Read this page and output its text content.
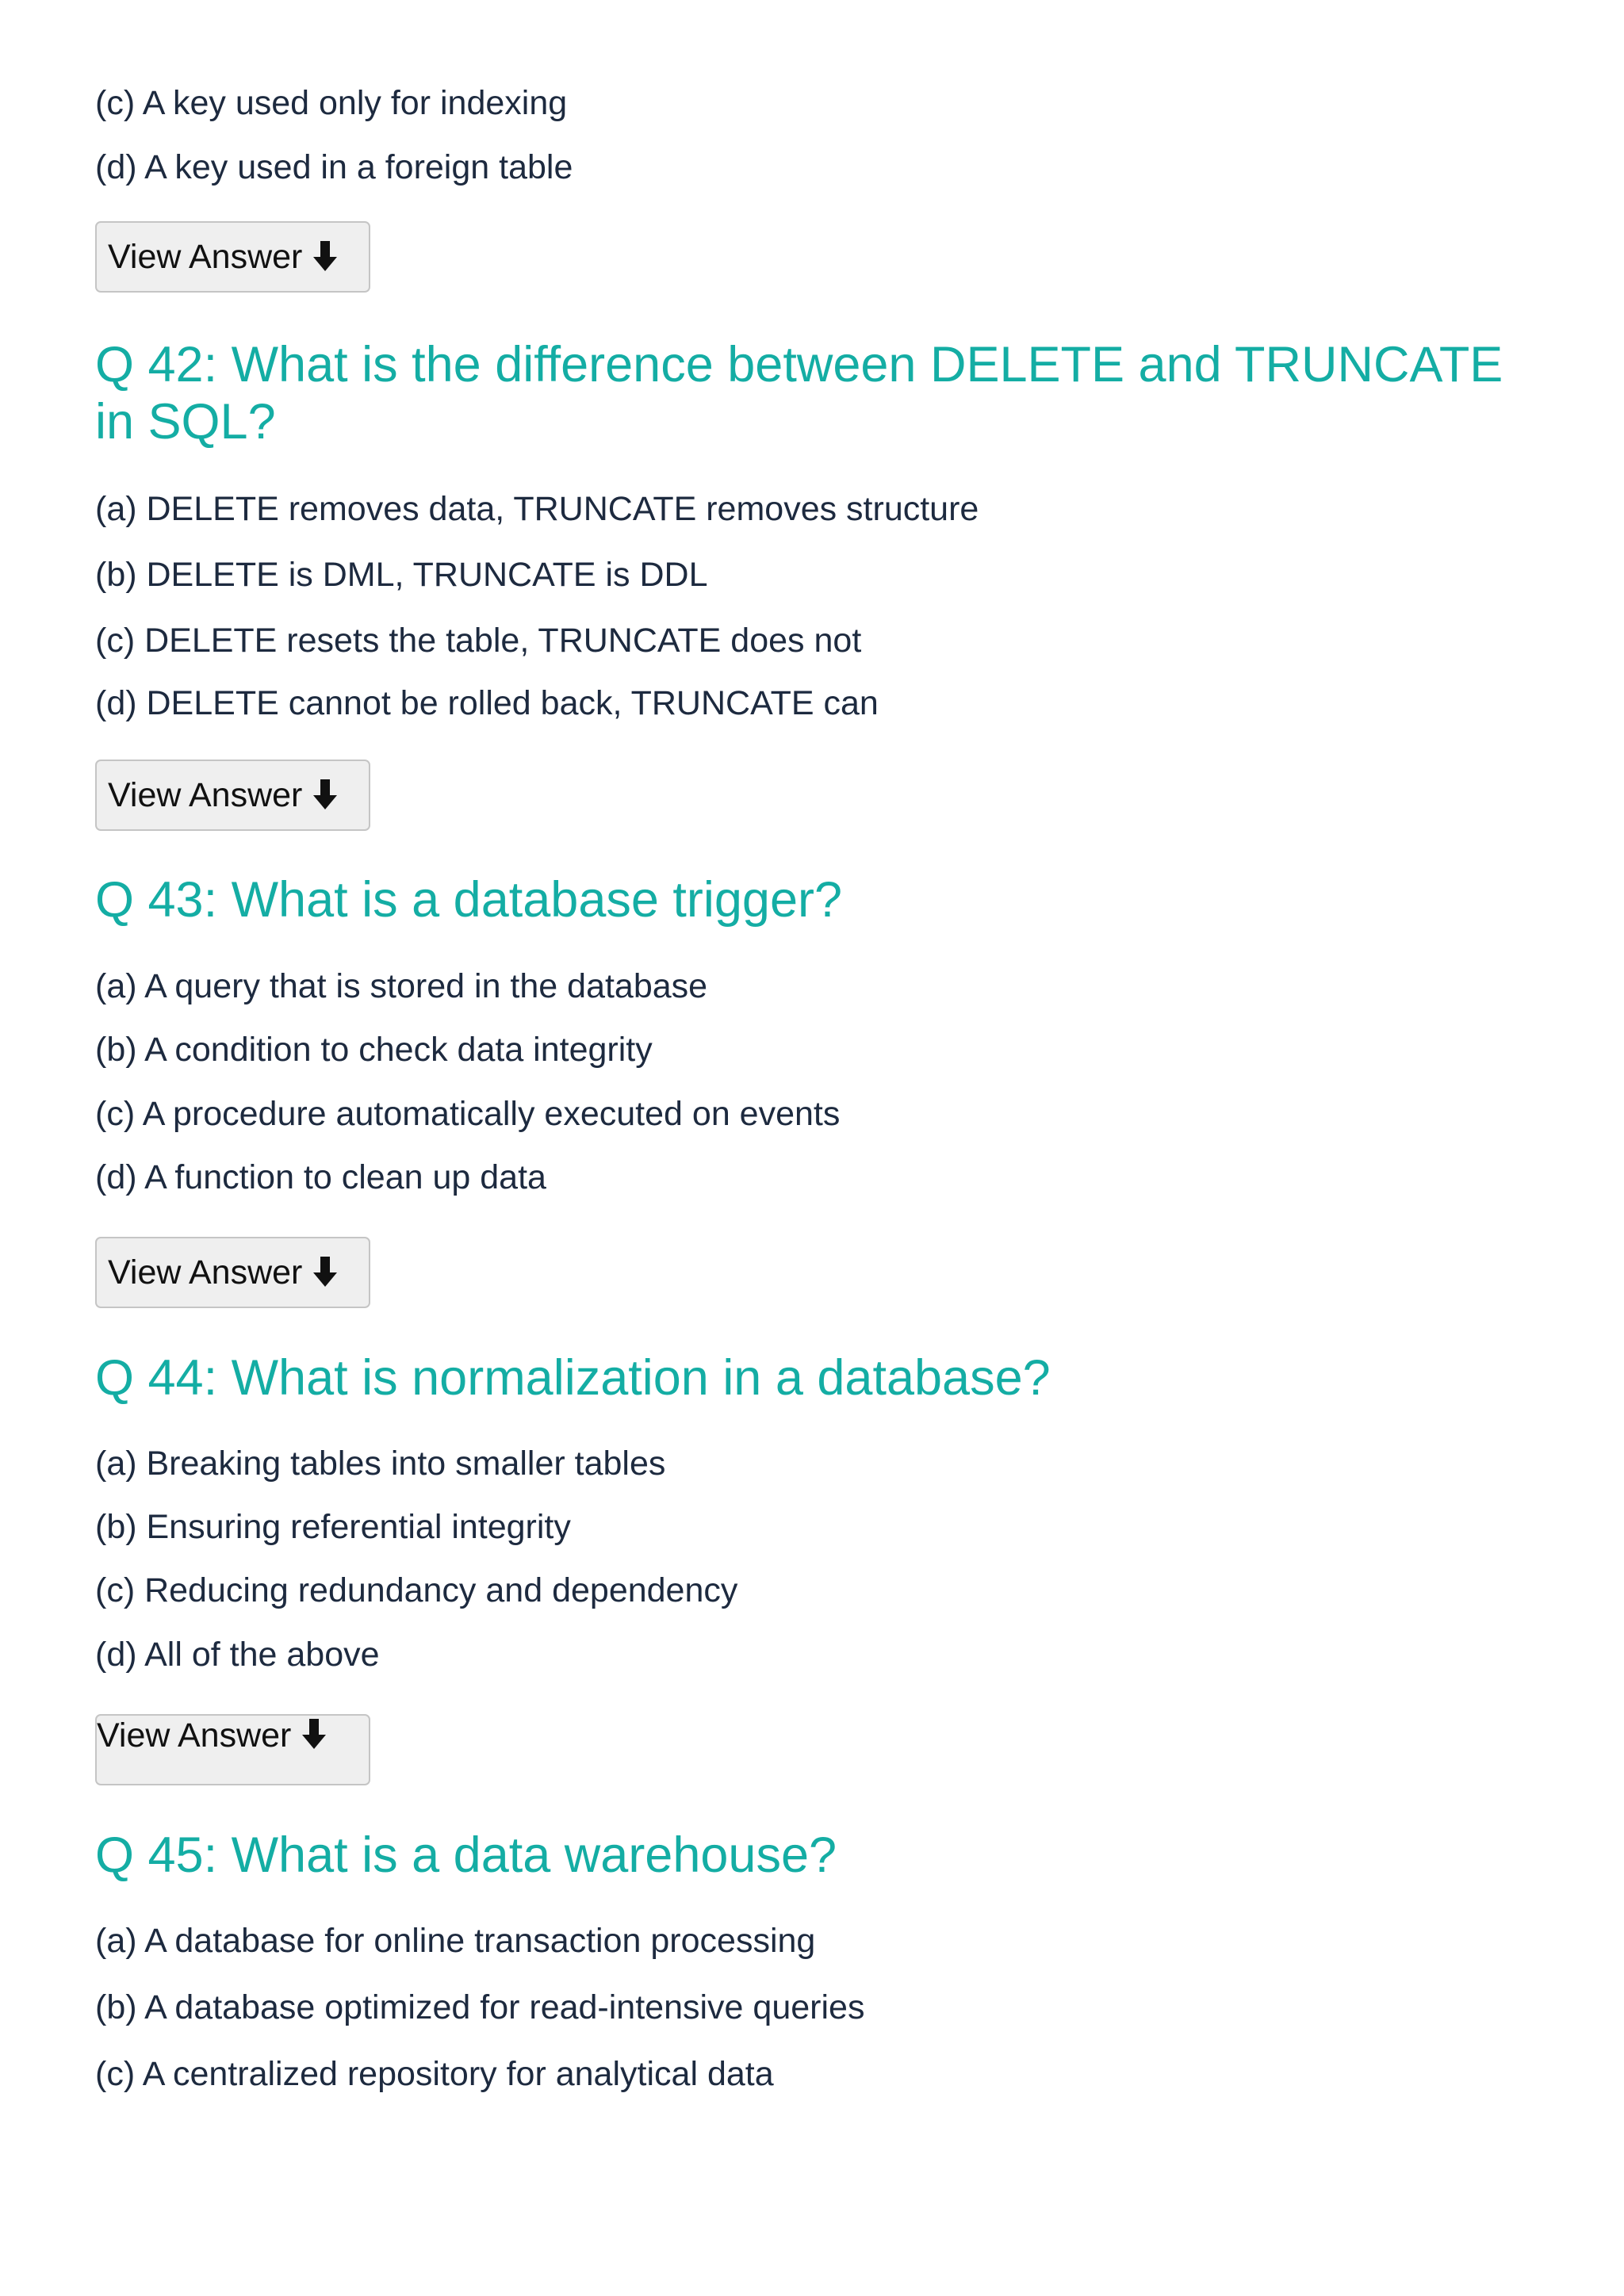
(c) A key used only for indexing
(d) A key used in a foreign table
View Answer
Q 42: What is the difference between DELETE and TRUNCATE in SQL?
(a) DELETE removes data, TRUNCATE removes structure
(b) DELETE is DML, TRUNCATE is DDL
(c) DELETE resets the table, TRUNCATE does not
(d) DELETE cannot be rolled back, TRUNCATE can
View Answer
Q 43: What is a database trigger?
(a) A query that is stored in the database
(b) A condition to check data integrity
(c) A procedure automatically executed on events
(d) A function to clean up data
View Answer
Q 44: What is normalization in a database?
(a) Breaking tables into smaller tables
(b) Ensuring referential integrity
(c) Reducing redundancy and dependency
(d) All of the above
View Answer
Q 45: What is a data warehouse?
(a) A database for online transaction processing
(b) A database optimized for read-intensive queries
(c) A centralized repository for analytical data
